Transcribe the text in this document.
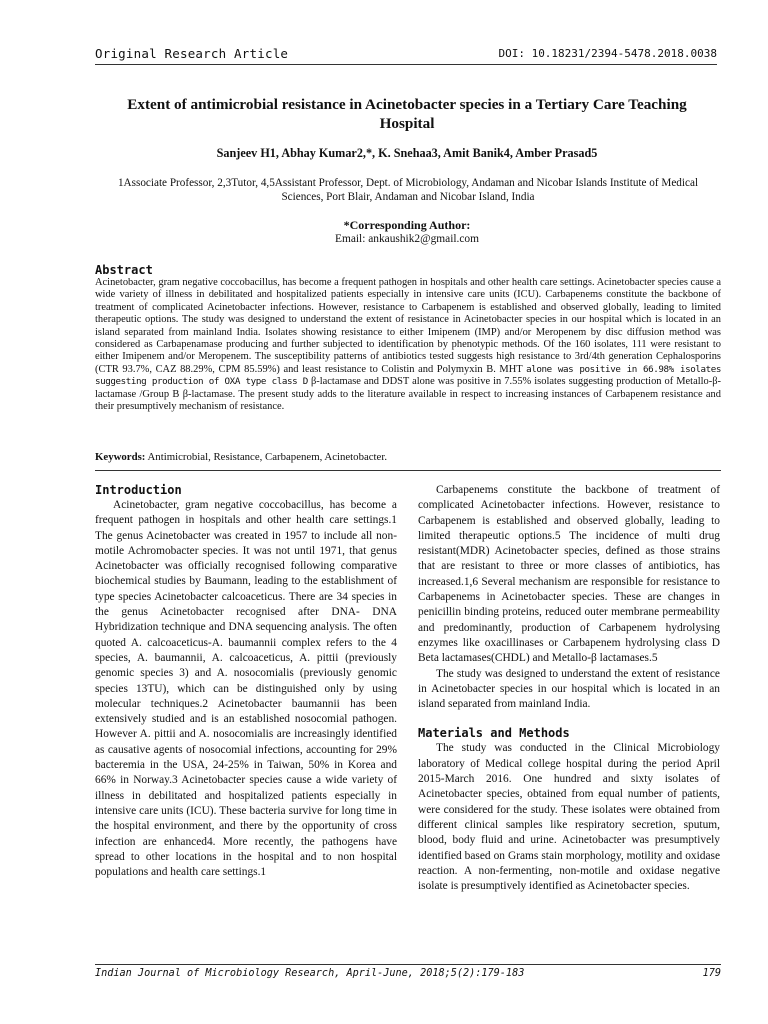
Original Research Article	DOI: 10.18231/2394-5478.2018.0038
Extent of antimicrobial resistance in Acinetobacter species in a Tertiary Care Teaching Hospital
Sanjeev H1, Abhay Kumar2,*, K. Snehaa3, Amit Banik4, Amber Prasad5
1Associate Professor, 2,3Tutor, 4,5Assistant Professor, Dept. of Microbiology, Andaman and Nicobar Islands Institute of Medical Sciences, Port Blair, Andaman and Nicobar Island, India
*Corresponding Author:
Email: ankaushik2@gmail.com
Abstract
Acinetobacter, gram negative coccobacillus, has become a frequent pathogen in hospitals and other health care settings. Acinetobacter species cause a wide variety of illness in debilitated and hospitalized patients especially in intensive care units (ICU). Carbapenems constitute the backbone of treatment of complicated Acinetobacter infections. However, resistance to Carbapenem is established and observed globally, leading to limited therapeutic options. The study was designed to understand the extent of resistance in Acinetobacter species in our hospital which is located in an island separated from mainland India. Isolates showing resistance to either Imipenem (IMP) and/or Meropenem by disc diffusion method was considered as Carbapenamase producing and further subjected to identification by phenotypic methods. Of the 160 isolates, 111 were resistant to either Imipenem and/or Meropenem. The susceptibility patterns of antibiotics tested suggests high resistance to 3rd/4th generation Cephalosporins (CTR 93.7%, CAZ 88.29%, CPM 85.59%) and least resistance to Colistin and Polymyxin B. MHT alone was positive in 66.98% isolates suggesting production of OXA type class D β-lactamase and DDST alone was positive in 7.55% isolates suggesting production of Metallo-β-lactamase /Group B β-lactamase. The present study adds to the literature available in respect to increasing instances of Carbapenem resistance and their presumptively mechanism of resistance.
Keywords: Antimicrobial, Resistance, Carbapenem, Acinetobacter.
Introduction

Acinetobacter, gram negative coccobacillus, has become a frequent pathogen in hospitals and other health care settings.1 The genus Acinetobacter was created in 1957 to include all non- motile Achromobacter species. It was not until 1971, that genus Acinetobacter was officially recognised following comparative biochemical studies by Baumann, leading to the establishment of type species Acinetobacter calcoaceticus. There are 34 species in the genus Acinetobacter recognised after DNA- DNA Hybridization technique and DNA sequencing analysis. The often quoted A. calcoaceticus-A. baumannii complex refers to the 4 species, A. baumannii, A. calcoaceticus, A. pittii (previously genomic species 3) and A. nosocomialis (previously genomic species 13TU), which can be distinguished only by using molecular techniques.2 Acinetobacter baumannii has been extensively studied and is an established nosocomial pathogen. However A. pittii and A. nosocomialis are increasingly identified as causative agents of nosocomial infections, accounting for 29% bacteremia in the USA, 24-25% in Taiwan, 50% in Korea and 66% in Norway.3 Acinetobacter species cause a wide variety of illness in debilitated and hospitalized patients especially in intensive care units (ICU). These bacteria survive for long time in the hospital environment, and there by the opportunity of cross infection are enhanced4. More recently, the pathogens have spread to other locations in the hospital and to non hospital populations and health care settings.1

Carbapenems constitute the backbone of treatment of complicated Acinetobacter infections. However, resistance to Carbapenem is established and observed globally, leading to limited therapeutic options.5 The incidence of multi drug resistant(MDR) Acinetobacter species, defined as those strains that are resistant to three or more classes of antibiotics, has increased.1,6 Several mechanism are responsible for resistance to Carbapenems in Acinetobacter species. These are changes in penicillin binding proteins, reduced outer membrane permeability and predominantly, production of Carbapenem hydrolysing enzymes like oxacillinases or Carbapenem hydrolysing class D Beta lactamases(CHDL) and Metallo-β lactamases.5

The study was designed to understand the extent of resistance in Acinetobacter species in our hospital which is located in an island separated from mainland India.

Materials and Methods

The study was conducted in the Clinical Microbiology laboratory of Medical college hospital during the period April 2015-March 2016. One hundred and sixty isolates of Acinetobacter species, obtained from equal number of patients, were considered for the study. These isolates were obtained from different clinical samples like respiratory secretion, sputum, blood, body fluid and urine. Acinetobacter was presumptively identified based on Grams stain morphology, motility and oxidase reaction. A non-fermenting, non-motile and oxidase negative isolate is presumptively identified as Acinetobacter species.

Indian Journal of Microbiology Research, April-June, 2018;5(2):179-183	179
